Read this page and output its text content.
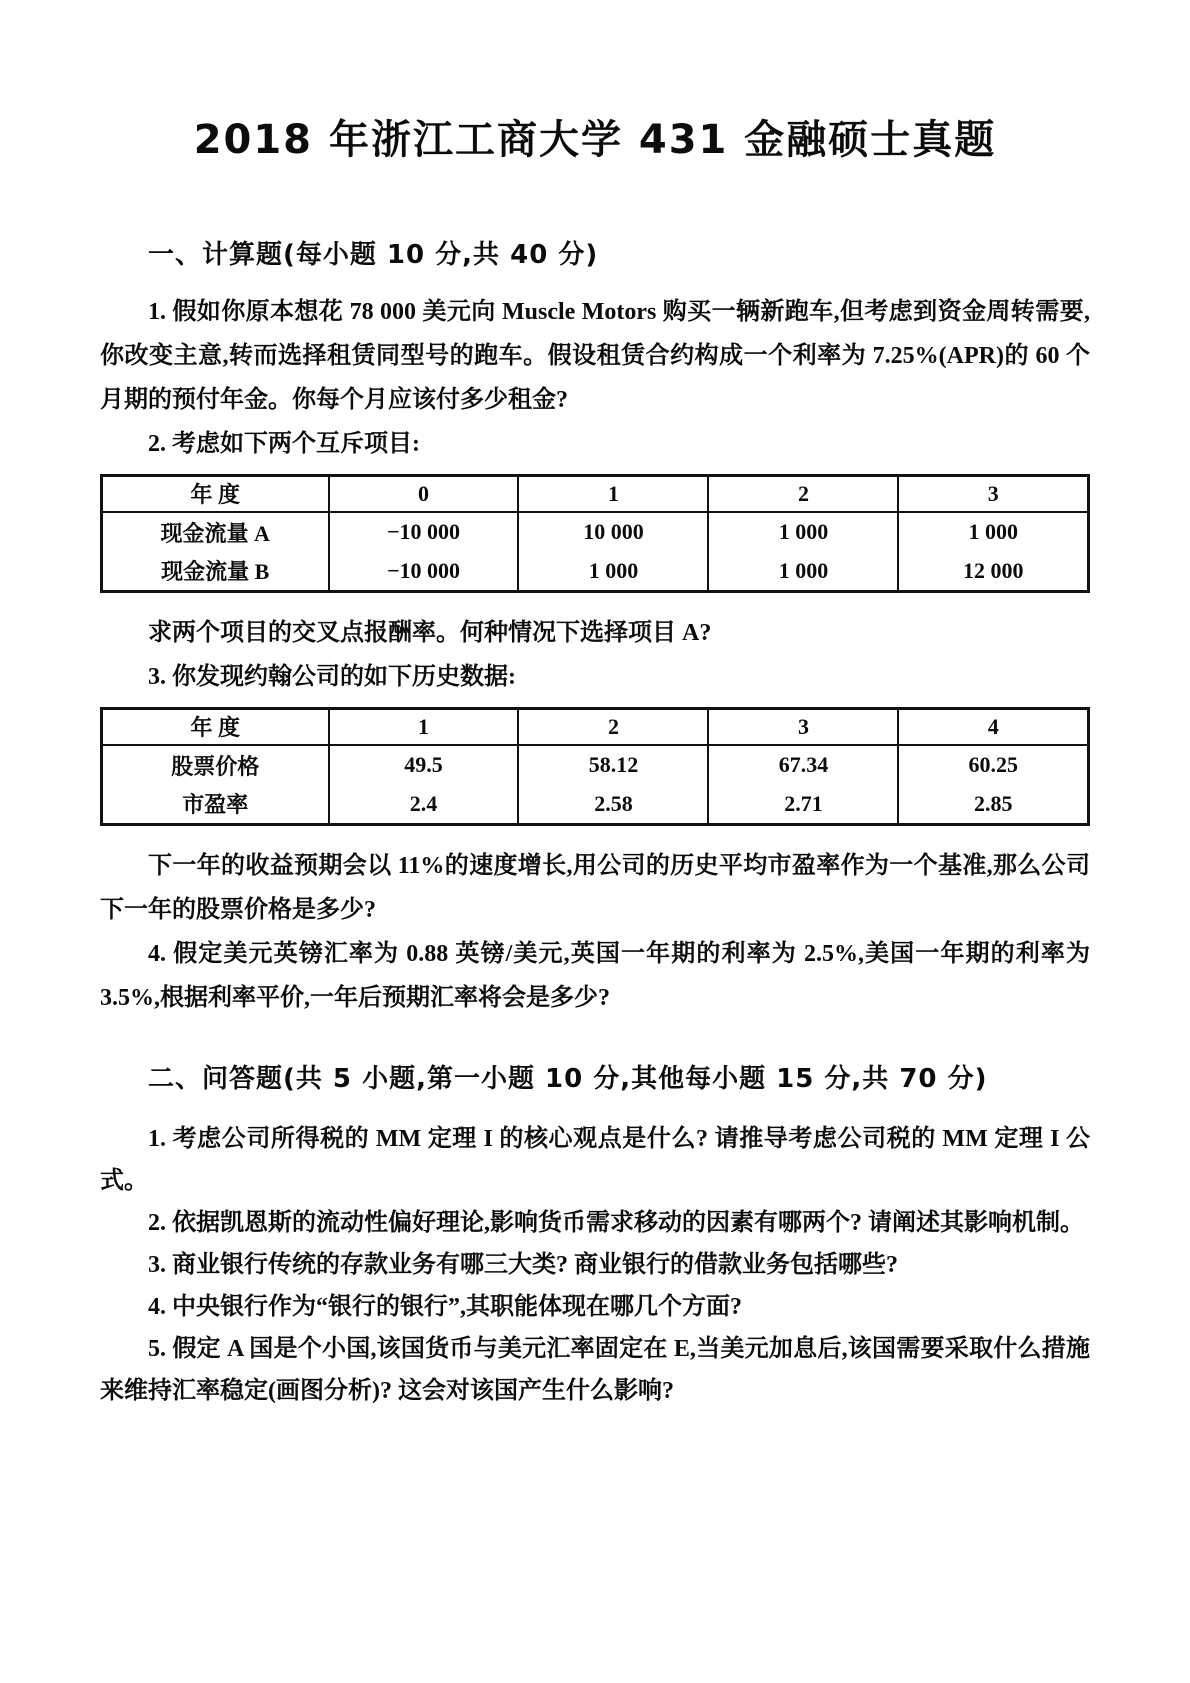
2018 年浙江工商大学 431 金融硕士真题
一、计算题(每小题 10 分,共 40 分)

1. 假如你原本想花 78 000 美元向 Muscle Motors 购买一辆新跑车,但考虑到资金周转需要,你改变主意,转而选择租赁同型号的跑车。假设租赁合约构成一个利率为 7.25%(APR)的 60 个月期的预付年金。你每个月应该付多少租金?

2. 考虑如下两个互斥项目:

年 度	0	1	2	3
现金流量 A	−10 000	10 000	1 000	1 000
现金流量 B	−10 000	1 000	1 000	12 000

求两个项目的交叉点报酬率。何种情况下选择项目 A?

3. 你发现约翰公司的如下历史数据:

年 度	1	2	3	4
股票价格	49.5	58.12	67.34	60.25
市盈率	2.4	2.58	2.71	2.85

下一年的收益预期会以 11%的速度增长,用公司的历史平均市盈率作为一个基准,那么公司下一年的股票价格是多少?

4. 假定美元英镑汇率为 0.88 英镑/美元,英国一年期的利率为 2.5%,美国一年期的利率为 3.5%,根据利率平价,一年后预期汇率将会是多少?

二、问答题(共 5 小题,第一小题 10 分,其他每小题 15 分,共 70 分)

1. 考虑公司所得税的 MM 定理 I 的核心观点是什么? 请推导考虑公司税的 MM 定理 I 公式。

2. 依据凯恩斯的流动性偏好理论,影响货币需求移动的因素有哪两个? 请阐述其影响机制。

3. 商业银行传统的存款业务有哪三大类? 商业银行的借款业务包括哪些?

4. 中央银行作为“银行的银行”,其职能体现在哪几个方面?

5. 假定 A 国是个小国,该国货币与美元汇率固定在 E,当美元加息后,该国需要采取什么措施来维持汇率稳定(画图分析)? 这会对该国产生什么影响?
